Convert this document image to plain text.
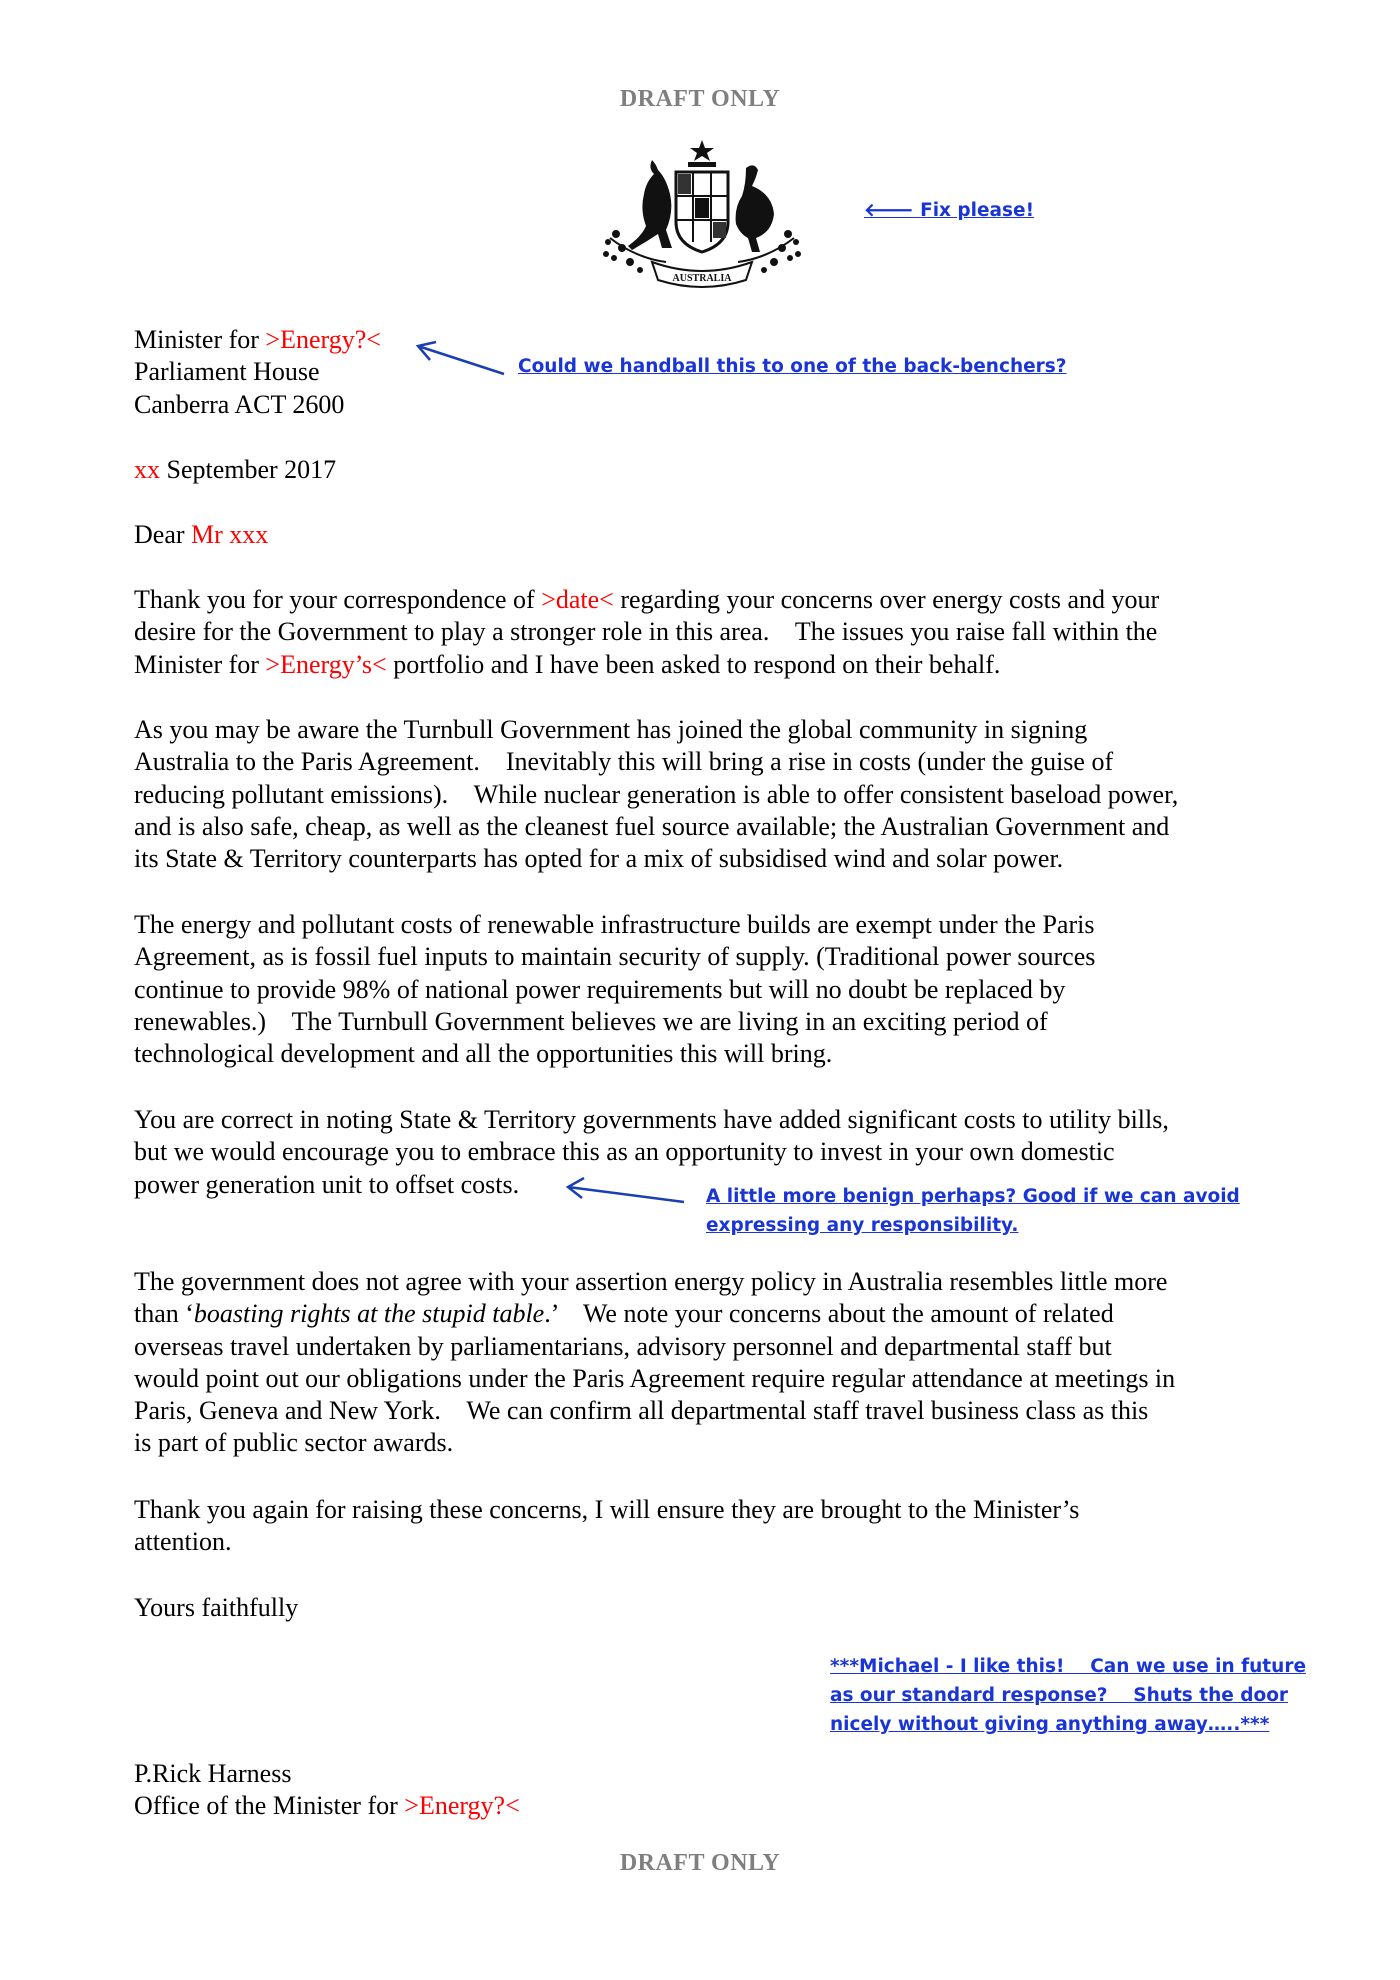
DRAFT ONLY
AUSTRALIA
🡐 Fix please!
Minister for >Energy?<
Parliament House
Canberra ACT 2600
Could we handball this to one of the back-benchers?
xx September 2017
Dear Mr xxx
Thank you for your correspondence of >date< regarding your concerns over energy costs and your
desire for the Government to play a stronger role in this area.    The issues you raise fall within the
Minister for >Energy’s< portfolio and I have been asked to respond on their behalf.
As you may be aware the Turnbull Government has joined the global community in signing
Australia to the Paris Agreement.    Inevitably this will bring a rise in costs (under the guise of
reducing pollutant emissions).    While nuclear generation is able to offer consistent baseload power,
and is also safe, cheap, as well as the cleanest fuel source available; the Australian Government and
its State & Territory counterparts has opted for a mix of subsidised wind and solar power.
The energy and pollutant costs of renewable infrastructure builds are exempt under the Paris
Agreement, as is fossil fuel inputs to maintain security of supply. (Traditional power sources
continue to provide 98% of national power requirements but will no doubt be replaced by
renewables.)    The Turnbull Government believes we are living in an exciting period of
technological development and all the opportunities this will bring.
You are correct in noting State & Territory governments have added significant costs to utility bills,
but we would encourage you to embrace this as an opportunity to invest in your own domestic
power generation unit to offset costs.	A little more benign perhaps? Good if we can avoid
expressing any responsibility.
The government does not agree with your assertion energy policy in Australia resembles little more
than ‘boasting rights at the stupid table.’    We note your concerns about the amount of related
overseas travel undertaken by parliamentarians, advisory personnel and departmental staff but
would point out our obligations under the Paris Agreement require regular attendance at meetings in
Paris, Geneva and New York.    We can confirm all departmental staff travel business class as this
is part of public sector awards.
Thank you again for raising these concerns, I will ensure they are brought to the Minister’s
attention.
Yours faithfully
***Michael - I like this!    Can we use in future
as our standard response?    Shuts the door
nicely without giving anything away…..***
P.Rick Harness
Office of the Minister for >Energy?<
DRAFT ONLY
